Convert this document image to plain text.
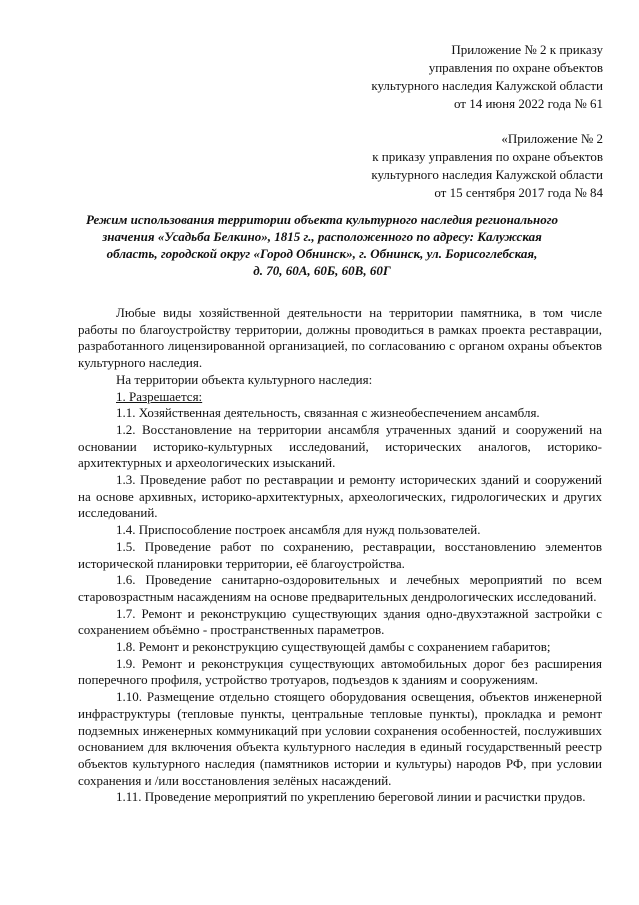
Приложение № 2 к приказу
управления по охране объектов
культурного наследия Калужской области
от 14 июня 2022 года № 61
«Приложение № 2
к приказу управления по охране объектов
культурного наследия Калужской области
от 15 сентября 2017 года № 84
Режим использования территории объекта культурного наследия регионального
значения «Усадьба Белкино», 1815 г., расположенного по адресу: Калужская
область, городской округ «Город Обнинск», г. Обнинск, ул. Борисоглебская,
д. 70, 60А, 60Б, 60В, 60Г

Любые виды хозяйственной деятельности на территории памятника, в том числе работы по благоустройству территории, должны проводиться в рамках проекта реставрации, разработанного лицензированной организацией, по согласованию с органом охраны объектов культурного наследия.

На территории объекта культурного наследия:

1. Разрешается:

1.1. Хозяйственная деятельность, связанная с жизнеобеспечением ансамбля.

1.2. Восстановление на территории ансамбля утраченных зданий и сооружений на основании историко-культурных исследований, исторических аналогов, историко-архитектурных и археологических изысканий.

1.3. Проведение работ по реставрации и ремонту исторических зданий и сооружений на основе архивных, историко-архитектурных, археологических, гидрологических и других исследований.

1.4. Приспособление построек ансамбля для нужд пользователей.

1.5. Проведение работ по сохранению, реставрации, восстановлению элементов исторической планировки территории, её благоустройства.

1.6. Проведение санитарно-оздоровительных и лечебных мероприятий по всем старовозрастным насаждениям на основе предварительных дендрологических исследований.

1.7. Ремонт и реконструкцию существующих здания одно-двухэтажной застройки с сохранением объёмно - пространственных параметров.

1.8. Ремонт и реконструкцию существующей дамбы с сохранением габаритов;

1.9. Ремонт и реконструкция существующих автомобильных дорог без расширения поперечного профиля, устройство тротуаров, подъездов к зданиям и сооружениям.

1.10. Размещение отдельно стоящего оборудования освещения, объектов инженерной инфраструктуры (тепловые пункты, центральные тепловые пункты), прокладка и ремонт подземных инженерных коммуникаций при условии сохранения особенностей, послуживших основанием для включения объекта культурного наследия в единый государственный реестр объектов культурного наследия (памятников истории и культуры) народов РФ, при условии сохранения и /или восстановления зелёных насаждений.

1.11. Проведение мероприятий по укреплению береговой линии и расчистки прудов.
